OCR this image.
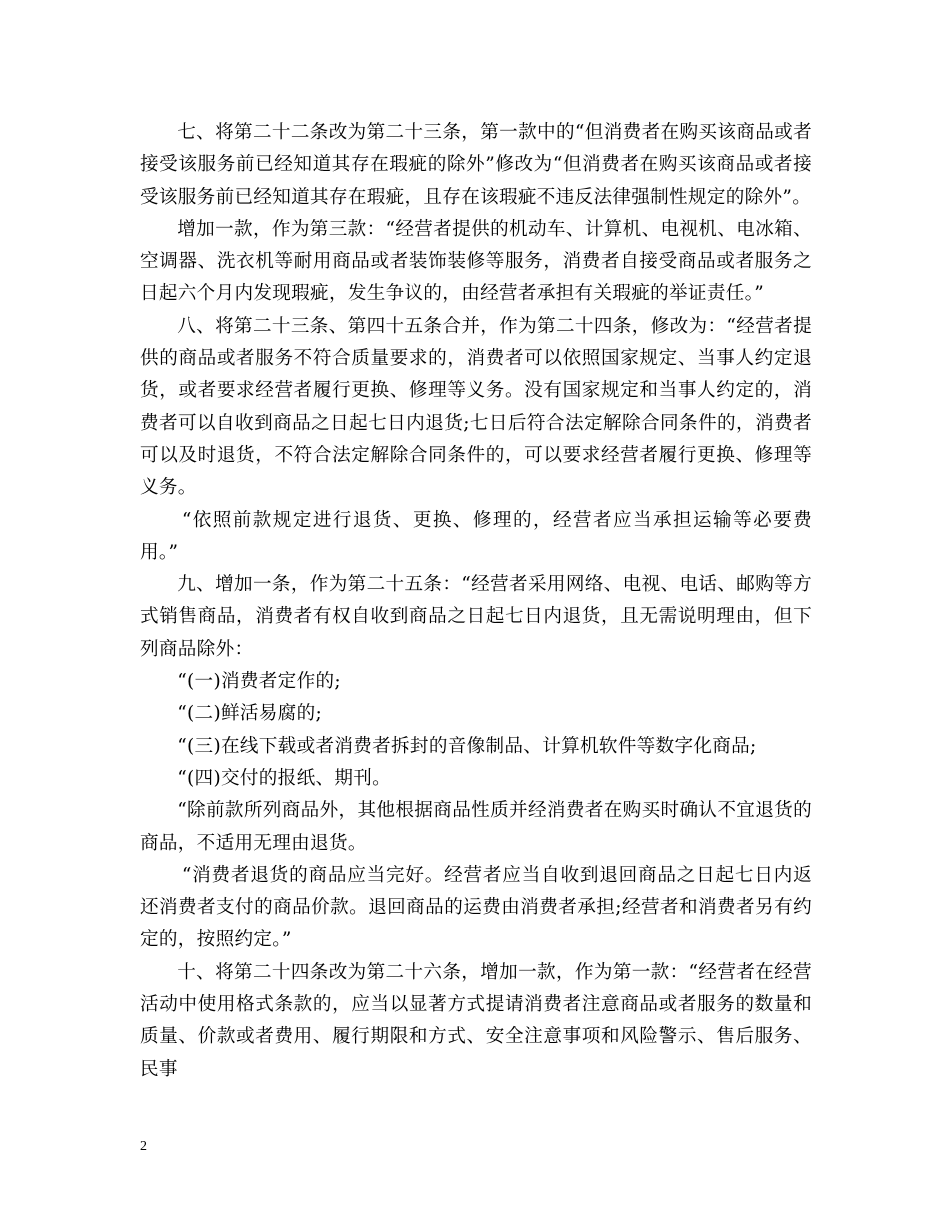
七、将第二十二条改为第二十三条，第一款中的“但消费者在购买该商品或者接受该服务前已经知道其存在瑕疵的除外”修改为“但消费者在购买该商品或者接受该服务前已经知道其存在瑕疵，且存在该瑕疵不违反法律强制性规定的除外”。

增加一款，作为第三款：“经营者提供的机动车、计算机、电视机、电冰箱、空调器、洗衣机等耐用商品或者装饰装修等服务，消费者自接受商品或者服务之日起六个月内发现瑕疵，发生争议的，由经营者承担有关瑕疵的举证责任。”

八、将第二十三条、第四十五条合并，作为第二十四条，修改为：“经营者提供的商品或者服务不符合质量要求的，消费者可以依照国家规定、当事人约定退货，或者要求经营者履行更换、修理等义务。没有国家规定和当事人约定的，消费者可以自收到商品之日起七日内退货;七日后符合法定解除合同条件的，消费者可以及时退货，不符合法定解除合同条件的，可以要求经营者履行更换、修理等义务。

“依照前款规定进行退货、更换、修理的，经营者应当承担运输等必要费用。”

九、增加一条，作为第二十五条：“经营者采用网络、电视、电话、邮购等方式销售商品，消费者有权自收到商品之日起七日内退货，且无需说明理由，但下列商品除外：

“(一)消费者定作的;

“(二)鲜活易腐的;

“(三)在线下载或者消费者拆封的音像制品、计算机软件等数字化商品;

“(四)交付的报纸、期刊。

“除前款所列商品外，其他根据商品性质并经消费者在购买时确认不宜退货的商品，不适用无理由退货。

“消费者退货的商品应当完好。经营者应当自收到退回商品之日起七日内返还消费者支付的商品价款。退回商品的运费由消费者承担;经营者和消费者另有约定的，按照约定。”

十、将第二十四条改为第二十六条，增加一款，作为第一款：“经营者在经营活动中使用格式条款的，应当以显著方式提请消费者注意商品或者服务的数量和质量、价款或者费用、履行期限和方式、安全注意事项和风险警示、售后服务、民事

2
